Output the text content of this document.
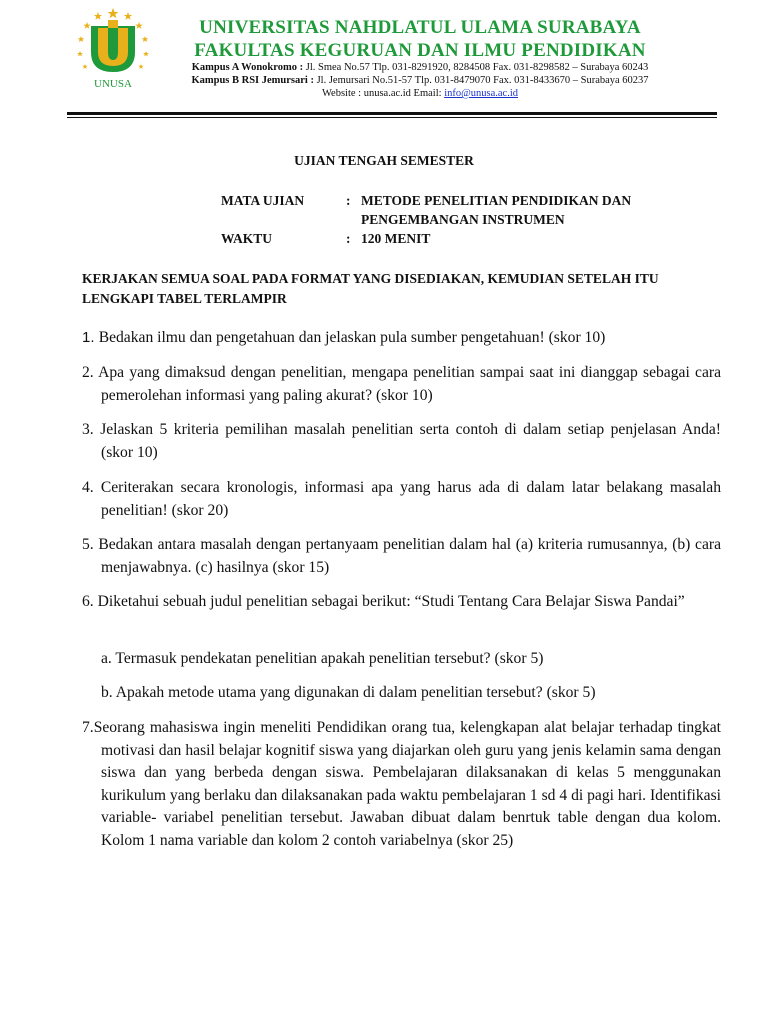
UNUSA
UNIVERSITAS NAHDLATUL ULAMA SURABAYA
FAKULTAS KEGURUAN DAN ILMU PENDIDIKAN
Kampus A Wonokromo : Jl. Smea No.57 Tlp. 031-8291920, 8284508 Fax. 031-8298582 – Surabaya 60243
Kampus B RSI Jemursari : Jl. Jemursari No.51-57 Tlp. 031-8479070 Fax. 031-8433670 – Surabaya 60237
Website : unusa.ac.id Email: info@unusa.ac.id
UJIAN TENGAH SEMESTER
MATA UJIAN	: METODE PENELITIAN PENDIDIKAN DAN
PENGEMBANGAN INSTRUMEN
WAKTU	: 120 MENIT
KERJAKAN SEMUA SOAL PADA FORMAT YANG DISEDIAKAN, KEMUDIAN SETELAH ITU LENGKAPI TABEL TERLAMPIR
1. Bedakan ilmu dan pengetahuan dan jelaskan pula sumber pengetahuan! (skor 10)
2. Apa yang dimaksud dengan penelitian, mengapa penelitian sampai saat ini dianggap sebagai cara pemerolehan informasi yang paling akurat? (skor 10)
3. Jelaskan 5 kriteria pemilihan masalah penelitian serta contoh di dalam setiap penjelasan Anda! (skor 10)
4. Ceriterakan secara kronologis, informasi apa yang harus ada di dalam latar belakang masalah penelitian! (skor 20)
5. Bedakan antara masalah dengan pertanyaam penelitian dalam hal (a) kriteria rumusannya, (b) cara menjawabnya. (c) hasilnya (skor 15)
6. Diketahui sebuah judul penelitian sebagai berikut: “Studi Tentang Cara Belajar Siswa Pandai”
a. Termasuk pendekatan penelitian apakah penelitian tersebut? (skor 5)
b. Apakah metode utama yang digunakan di dalam penelitian tersebut? (skor 5)
7.Seorang mahasiswa ingin meneliti Pendidikan orang tua, kelengkapan alat belajar terhadap tingkat motivasi dan hasil belajar kognitif siswa yang diajarkan oleh guru yang jenis kelamin sama dengan siswa dan yang berbeda dengan siswa. Pembelajaran dilaksanakan di kelas 5 menggunakan kurikulum yang berlaku dan dilaksanakan pada waktu pembelajaran 1 sd 4 di pagi hari. Identifikasi variable- variabel penelitian tersebut. Jawaban dibuat dalam benrtuk table dengan dua kolom. Kolom 1 nama variable dan kolom 2 contoh variabelnya (skor 25)
